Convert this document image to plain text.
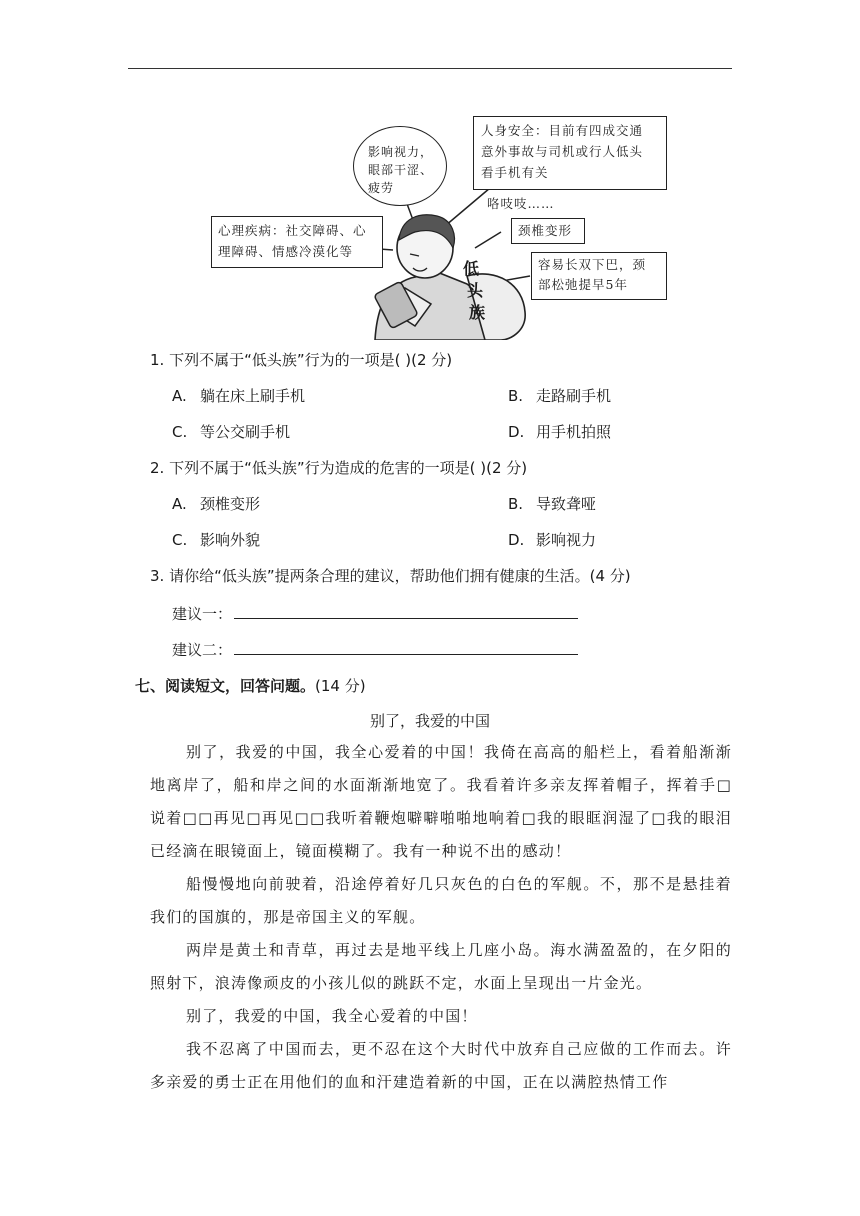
影响视力，
眼部干涩、
疲劳
人身安全：目前有四成交通
意外事故与司机或行人低头
看手机有关
咯吱吱……
心理疾病：社交障碍、心
理障碍、情感冷漠化等
颈椎变形
容易长双下巴，颈
部松弛提早5年
低
头
族
1. 下列不属于“低头族”行为的一项是( )(2 分)
A. 躺在床上刷手机	B. 走路刷手机
C. 等公交刷手机	D. 用手机拍照
2. 下列不属于“低头族”行为造成的危害的一项是( )(2 分)
A. 颈椎变形	B. 导致聋哑
C. 影响外貌	D. 影响视力
3. 请你给“低头族”提两条合理的建议，帮助他们拥有健康的生活。(4 分)
建议一：
建议二：
七、阅读短文，回答问题。(14 分)
别了，我爱的中国
别了，我爱的中国，我全心爱着的中国！我倚在高高的船栏上，看着船渐渐地离岸了，船和岸之间的水面渐渐地宽了。我看着许多亲友挥着帽子，挥着手□说着□□再见□再见□□我听着鞭炮噼噼啪啪地响着□我的眼眶润湿了□我的眼泪已经滴在眼镜面上，镜面模糊了。我有一种说不出的感动！
船慢慢地向前驶着，沿途停着好几只灰色的白色的军舰。不，那不是悬挂着我们的国旗的，那是帝国主义的军舰。
两岸是黄土和青草，再过去是地平线上几座小岛。海水满盈盈的，在夕阳的照射下，浪涛像顽皮的小孩儿似的跳跃不定，水面上呈现出一片金光。
别了，我爱的中国，我全心爱着的中国！
我不忍离了中国而去，更不忍在这个大时代中放弃自己应做的工作而去。许多亲爱的勇士正在用他们的血和汗建造着新的中国，正在以满腔热情工作
